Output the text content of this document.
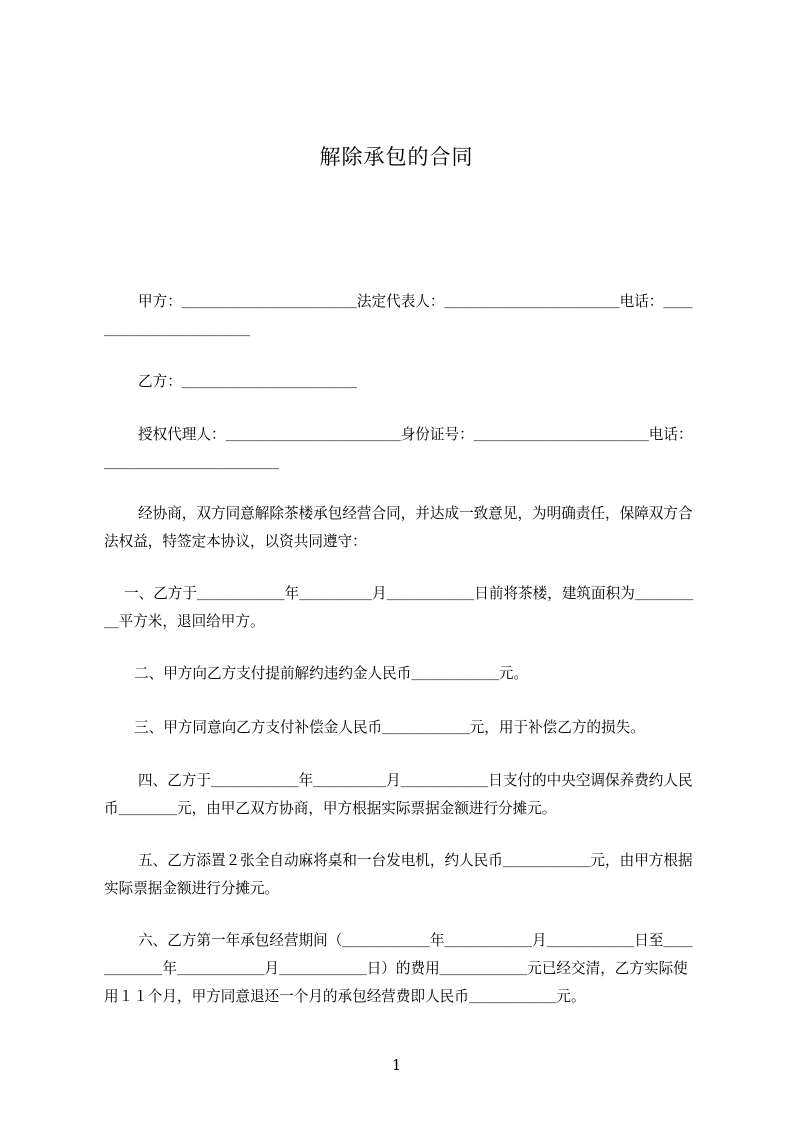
解除承包的合同
甲方：＿＿＿＿＿＿＿＿＿＿＿＿法定代表人：＿＿＿＿＿＿＿＿＿＿＿＿电话：＿＿＿＿＿＿＿＿＿＿＿＿
乙方：＿＿＿＿＿＿＿＿＿＿＿＿
授权代理人：＿＿＿＿＿＿＿＿＿＿＿＿身份证号：＿＿＿＿＿＿＿＿＿＿＿＿电话：＿＿＿＿＿＿＿＿＿＿＿＿
经协商，双方同意解除茶楼承包经营合同，并达成一致意见，为明确责任，保障双方合法权益，特签定本协议，以资共同遵守：
一、乙方于＿＿＿＿＿＿年＿＿＿＿＿月＿＿＿＿＿＿日前将茶楼，建筑面积为＿＿＿＿＿平方米，退回给甲方。
二、甲方向乙方支付提前解约违约金人民币＿＿＿＿＿＿元。
三、甲方同意向乙方支付补偿金人民币＿＿＿＿＿＿元，用于补偿乙方的损失。
四、乙方于＿＿＿＿＿＿年＿＿＿＿＿月＿＿＿＿＿＿日支付的中央空调保养费约人民币＿＿＿＿元，由甲乙双方协商，甲方根据实际票据金额进行分摊元。
五、乙方添置２张全自动麻将桌和一台发电机，约人民币＿＿＿＿＿＿元，由甲方根据实际票据金额进行分摊元。
六、乙方第一年承包经营期间（＿＿＿＿＿＿年＿＿＿＿＿＿月＿＿＿＿＿＿日至＿＿＿＿＿＿年＿＿＿＿＿＿月＿＿＿＿＿＿日）的费用＿＿＿＿＿＿元已经交清，乙方实际使用１１个月，甲方同意退还一个月的承包经营费即人民币＿＿＿＿＿＿元。
1
